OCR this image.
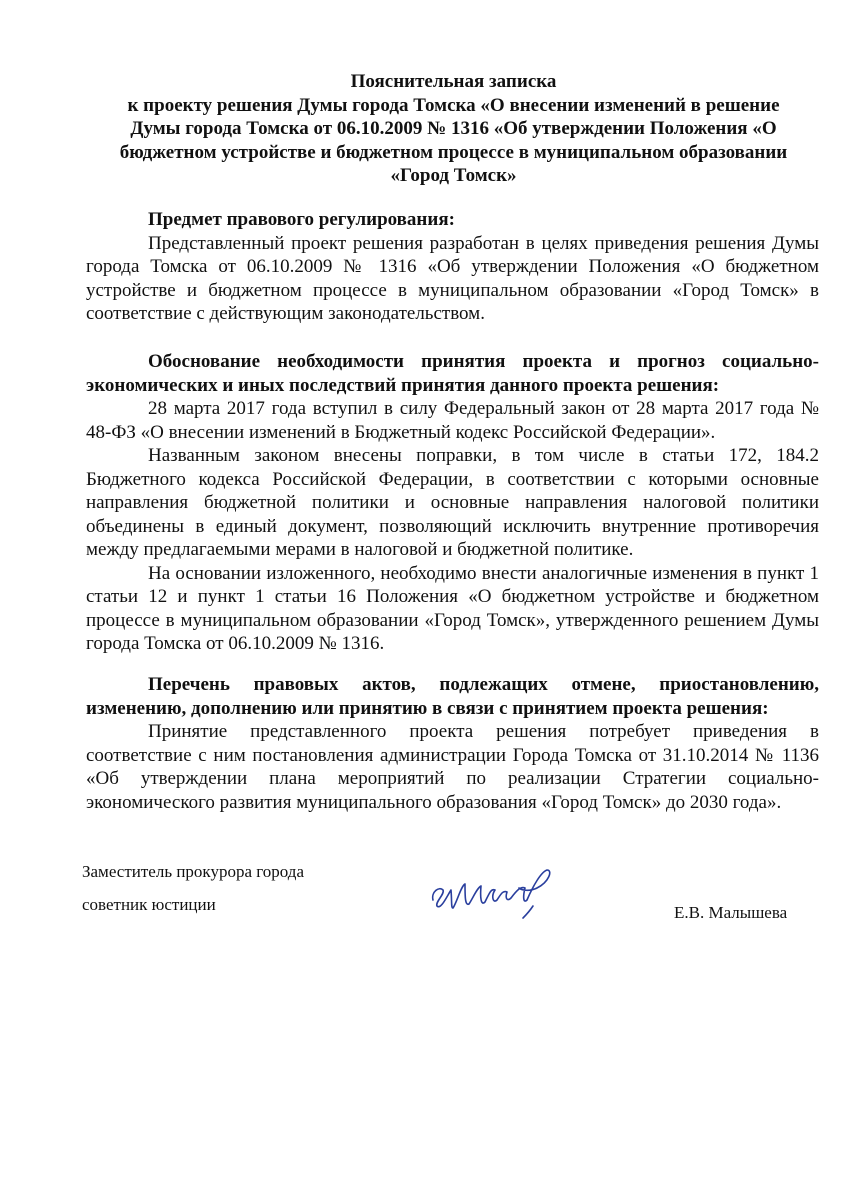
Пояснительная записка
к проекту решения Думы города Томска «О внесении изменений в решение
Думы города Томска от 06.10.2009 № 1316 «Об утверждении Положения «О
бюджетном устройстве и бюджетном процессе в муниципальном образовании
«Город Томск»

Предмет правового регулирования:

Представленный проект решения разработан в целях приведения решения Думы города Томска от 06.10.2009 № 1316 «Об утверждении Положения «О бюджетном устройстве и бюджетном процессе в муниципальном образовании «Город Томск» в соответствие с действующим законодательством.

Обоснование необходимости принятия проекта и прогноз социально-экономических и иных последствий принятия данного проекта решения:

28 марта 2017 года вступил в силу Федеральный закон от 28 марта 2017 года № 48-ФЗ «О внесении изменений в Бюджетный кодекс Российской Федерации».

Названным законом внесены поправки, в том числе в статьи 172, 184.2 Бюджетного кодекса Российской Федерации, в соответствии с которыми основные направления бюджетной политики и основные направления налоговой политики объединены в единый документ, позволяющий исключить внутренние противоречия между предлагаемыми мерами в налоговой и бюджетной политике.

На основании изложенного, необходимо внести аналогичные изменения в пункт 1 статьи 12 и пункт 1 статьи 16 Положения «О бюджетном устройстве и бюджетном процессе в муниципальном образовании «Город Томск», утвержденного решением Думы города Томска от 06.10.2009 № 1316.

Перечень правовых актов, подлежащих отмене, приостановлению, изменению, дополнению или принятию в связи с принятием проекта решения:

Принятие представленного проекта решения потребует приведения в соответствие с ним постановления администрации Города Томска от 31.10.2014 № 1136 «Об утверждении плана мероприятий по реализации Стратегии социально-экономического развития муниципального образования «Город Томск» до 2030 года».

Заместитель прокурора города
советник юстиции	Е.В. Малышева
